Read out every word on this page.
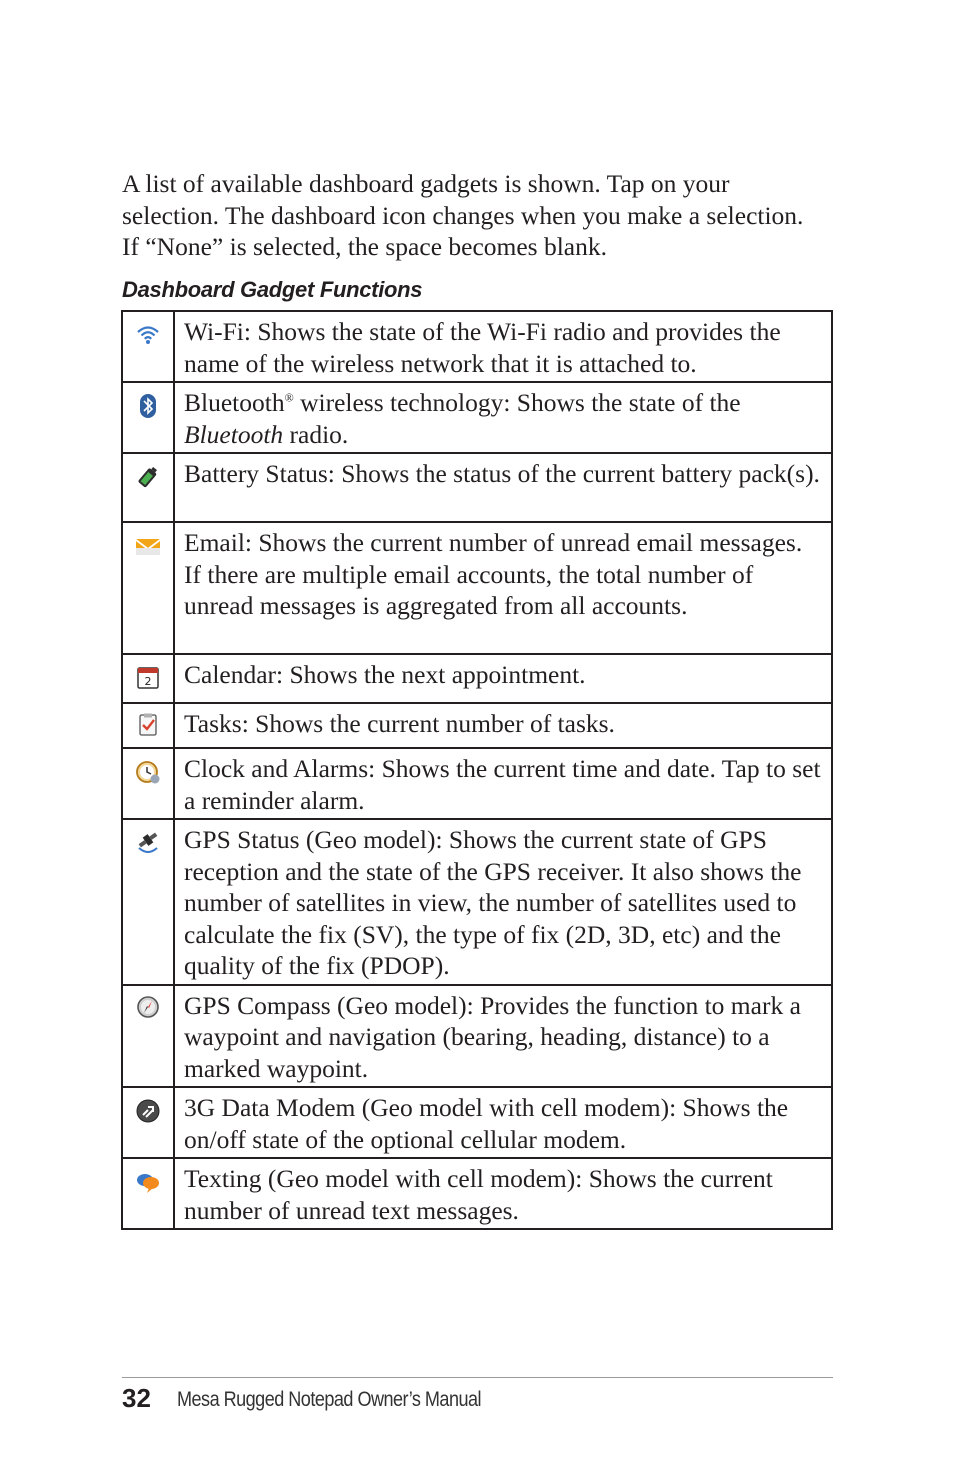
A list of available dashboard gadgets is shown. Tap on your selection. The dashboard icon changes when you make a selection. If “None” is selected, the space becomes blank.

Dashboard Gadget Functions

	Wi-Fi: Shows the state of the Wi-Fi radio and provides the name of the wireless network that it is attached to.

	Bluetooth® wireless technology: Shows the state of the Bluetooth radio.

	Battery Status: Shows the status of the current battery pack(s).

	Email: Shows the current number of unread email messages. If there are multiple email accounts, the total number of unread messages is aggregated from all accounts.

2	Calendar: Shows the next appointment.

	Tasks: Shows the current number of tasks.

	Clock and Alarms: Shows the current time and date. Tap to set a reminder alarm.

	GPS Status (Geo model): Shows the current state of GPS reception and the state of the GPS receiver. It also shows the number of satellites in view, the number of satellites used to calculate the fix (SV), the type of fix (2D, 3D, etc) and the quality of the fix (PDOP).

	GPS Compass (Geo model): Provides the function to mark a waypoint and navigation (bearing, heading, distance) to a marked waypoint.

	3G Data Modem (Geo model with cell modem): Shows the on/off state of the optional cellular modem.

	Texting (Geo model with cell modem): Shows the current number of unread text messages.
32 Mesa Rugged Notepad Owner’s Manual
